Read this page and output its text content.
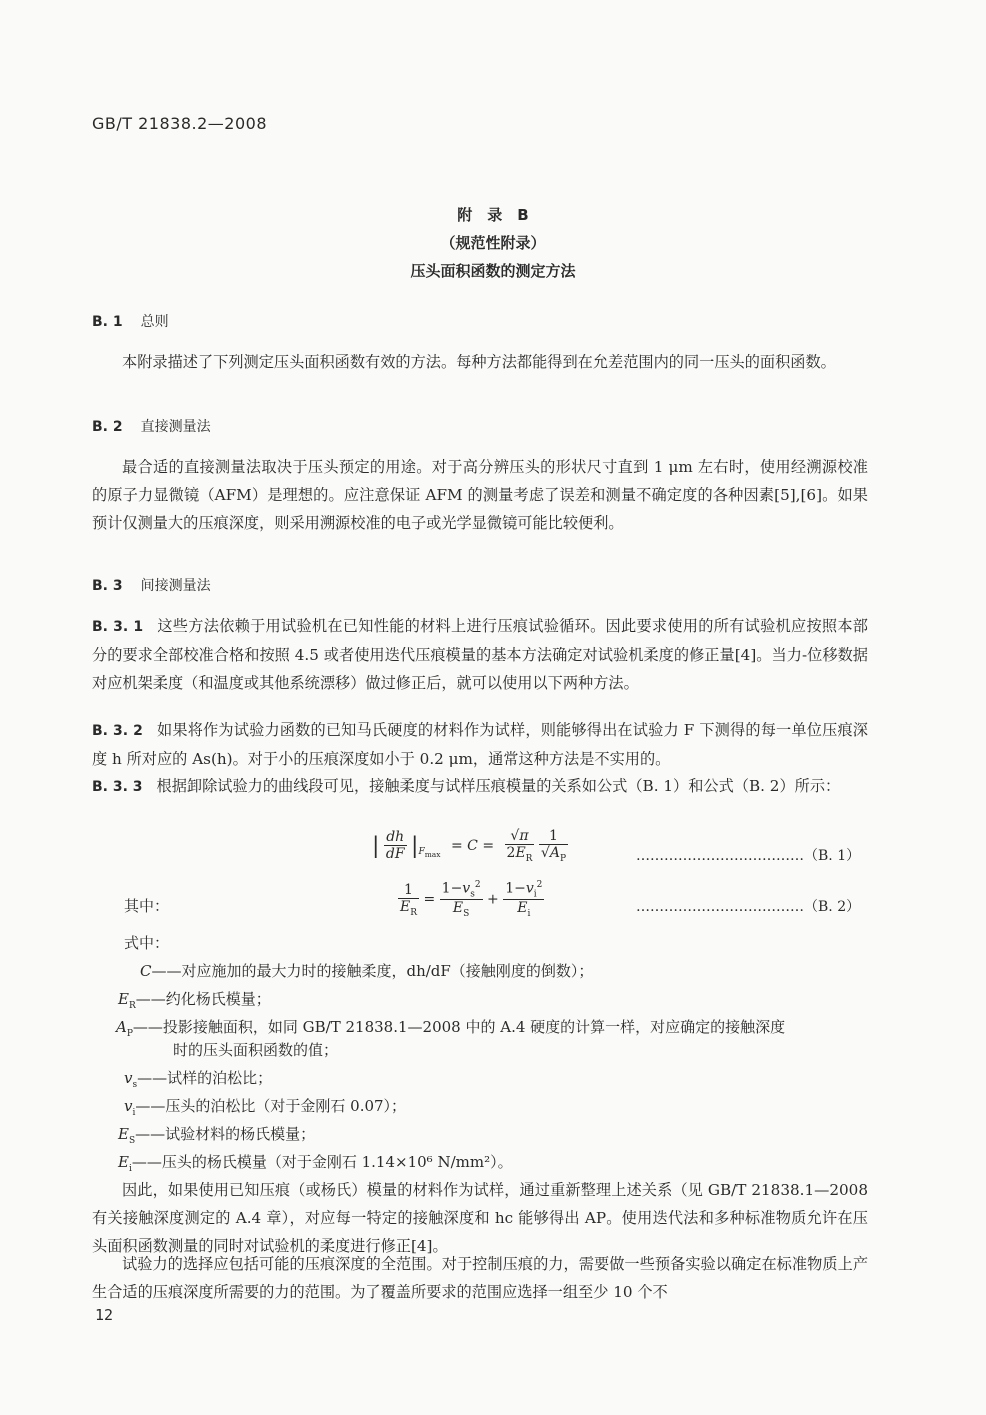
GB/T 21838.2—2008
附　录　B
（规范性附录）
压头面积函数的测定方法
B. 1 总则
本附录描述了下列测定压头面积函数有效的方法。每种方法都能得到在允差范围内的同一压头的面积函数。
B. 2 直接测量法
最合适的直接测量法取决于压头预定的用途。对于高分辨压头的形状尺寸直到 1 μm 左右时，使用经溯源校准的原子力显微镜（AFM）是理想的。应注意保证 AFM 的测量考虑了误差和测量不确定度的各种因素[5],[6]。如果预计仅测量大的压痕深度，则采用溯源校准的电子或光学显微镜可能比较便利。
B. 3 间接测量法
B. 3. 1 这些方法依赖于用试验机在已知性能的材料上进行压痕试验循环。因此要求使用的所有试验机应按照本部分的要求全部校准合格和按照 4.5 或者使用迭代压痕模量的基本方法确定对试验机柔度的修正量[4]。当力-位移数据对应机架柔度（和温度或其他系统漂移）做过修正后，就可以使用以下两种方法。
B. 3. 2 如果将作为试验力函数的已知马氏硬度的材料作为试样，则能够得出在试验力 F 下测得的每一单位压痕深度 h 所对应的 As(h)。对于小的压痕深度如小于 0.2 μm，通常这种方法是不实用的。
B. 3. 3 根据卸除试验力的曲线段可见，接触柔度与试样压痕模量的关系如公式（B. 1）和公式（B. 2）所示：
| $\frac{dh}{dF} |_{F_{max}} = C = \frac{√\pi}{2E_R}$
$\frac{1}{√A_P}$	………………………………（B. 1）
其中：	$\frac{1}{E_R} = \frac{1-v_s^2}{E_S} + \frac{1-v_i^2}{E_i}$	………………………………（B. 2）
式中：
C——对应施加的最大力时的接触柔度，dh/dF（接触刚度的倒数）；
$E_R——$约化杨氏模量；
$A_P——$投影接触面积，如同 GB/T 21838.1—2008 中的 A.4 硬度的计算一样，对应确定的接触深度
时的压头面积函数的值；
$v_s——$试样的泊松比；
$v_i——$压头的泊松比（对于金刚石 0.07）；
$E_S——$试验材料的杨氏模量；
$E_i——$压头的杨氏模量（对于金刚石 1.14×10⁶ N/mm²）。
因此，如果使用已知压痕（或杨氏）模量的材料作为试样，通过重新整理上述关系（见 GB/T 21838.1—2008 有关接触深度测定的 A.4 章），对应每一特定的接触深度和 hc 能够得出 AP。使用迭代法和多种标准物质允许在压头面积函数测量的同时对试验机的柔度进行修正[4]。
试验力的选择应包括可能的压痕深度的全范围。对于控制压痕的力，需要做一些预备实验以确定在标准物质上产生合适的压痕深度所需要的力的范围。为了覆盖所要求的范围应选择一组至少 10 个不
12
